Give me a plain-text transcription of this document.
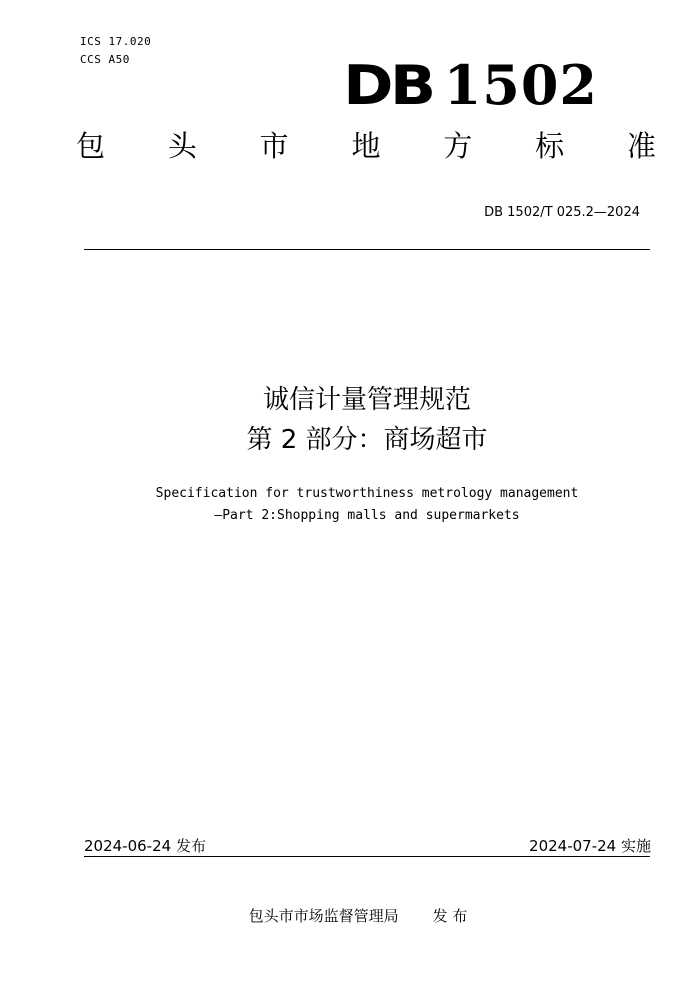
ICS 17.020
CCS A50	DB 1502
包 头 市 地 方 标 准
DB 1502/T 025.2—2024
诚信计量管理规范
第 2 部分：商场超市
Specification for trustworthiness metrology management
—Part 2:Shopping malls and supermarkets
2024-06-24 发布	2024-07-24 实施
包头市市场监督管理局 发 布
